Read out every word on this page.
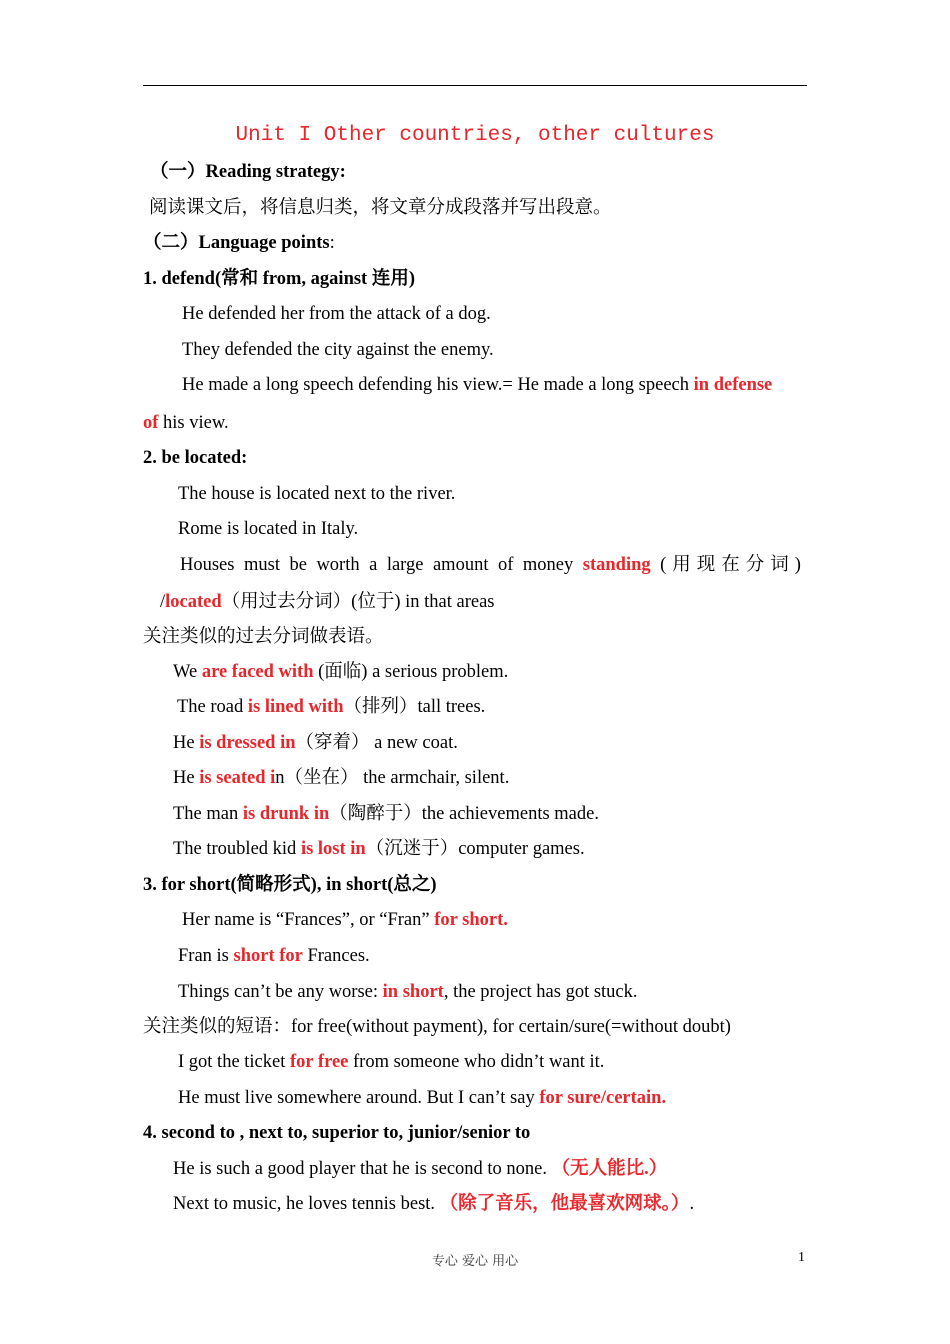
Unit I Other countries, other cultures
（一）Reading strategy:
阅读课文后，将信息归类，将文章分成段落并写出段意。
（二）Language points:
1. defend(常和 from, against 连用)
He defended her from the attack of a dog.
They defended the city against the enemy.
He made a long speech defending his view.= He made a long speech in defense
of his view.
2. be located:
The house is located next to the river.
Rome is located in Italy.
Houses must be worth a large amount of money standing (用现在分词)
/located（用过去分词）(位于) in that areas
关注类似的过去分词做表语。
We are faced with (面临) a serious problem.
The road is lined with（排列）tall trees.
He is dressed in（穿着） a new coat.
He is seated in（坐在） the armchair, silent.
The man is drunk in（陶醉于）the achievements made.
The troubled kid is lost in（沉迷于）computer games.
3. for short(简略形式), in short(总之)
Her name is “Frances”, or “Fran” for short.
Fran is short for Frances.
Things can’t be any worse: in short, the project has got stuck.
关注类似的短语：for free(without payment), for certain/sure(=without doubt)
I got the ticket for free from someone who didn’t want it.
He must live somewhere around. But I can’t say for sure/certain.
4. second to , next to, superior to, junior/senior to
He is such a good player that he is second to none. （无人能比.）
Next to music, he loves tennis best. （除了音乐，他最喜欢网球。）.
专心 爱心 用心	1
